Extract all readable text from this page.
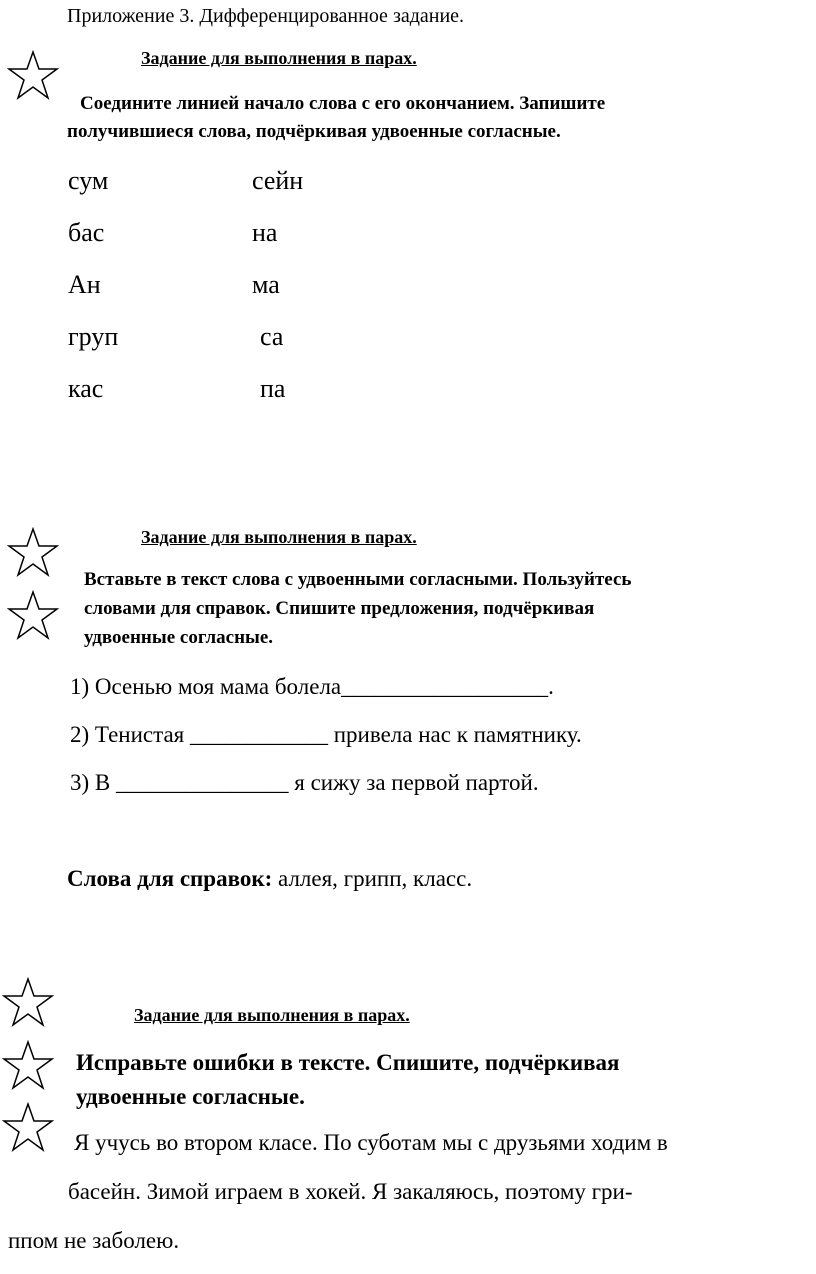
Приложение 3. Дифференцированное задание.
Задание для выполнения в парах.
Соедините линией начало слова с его окончанием. Запишите
получившиеся слова, подчёркивая удвоенные согласные.
сум
бас
Ан
груп
кас
сейн
на
ма
са
па
Задание для выполнения в парах.
Вставьте в текст слова с удвоенными согласными. Пользуйтесь
словами для справок. Спишите предложения, подчёркивая
удвоенные согласные.
1) Осенью моя мама болела__________________.
2) Тенистая ____________ привела нас к памятнику.
3) В _______________ я сижу за первой партой.
Слова для справок: аллея, грипп, класс.
Задание для выполнения в парах.
Исправьте ошибки в тексте. Спишите, подчёркивая
удвоенные согласные.
Я учусь во втором класе. По суботам мы с друзьями ходим в
басейн. Зимой играем в хокей. Я закаляюсь, поэтому гри-
ппом не заболею.
